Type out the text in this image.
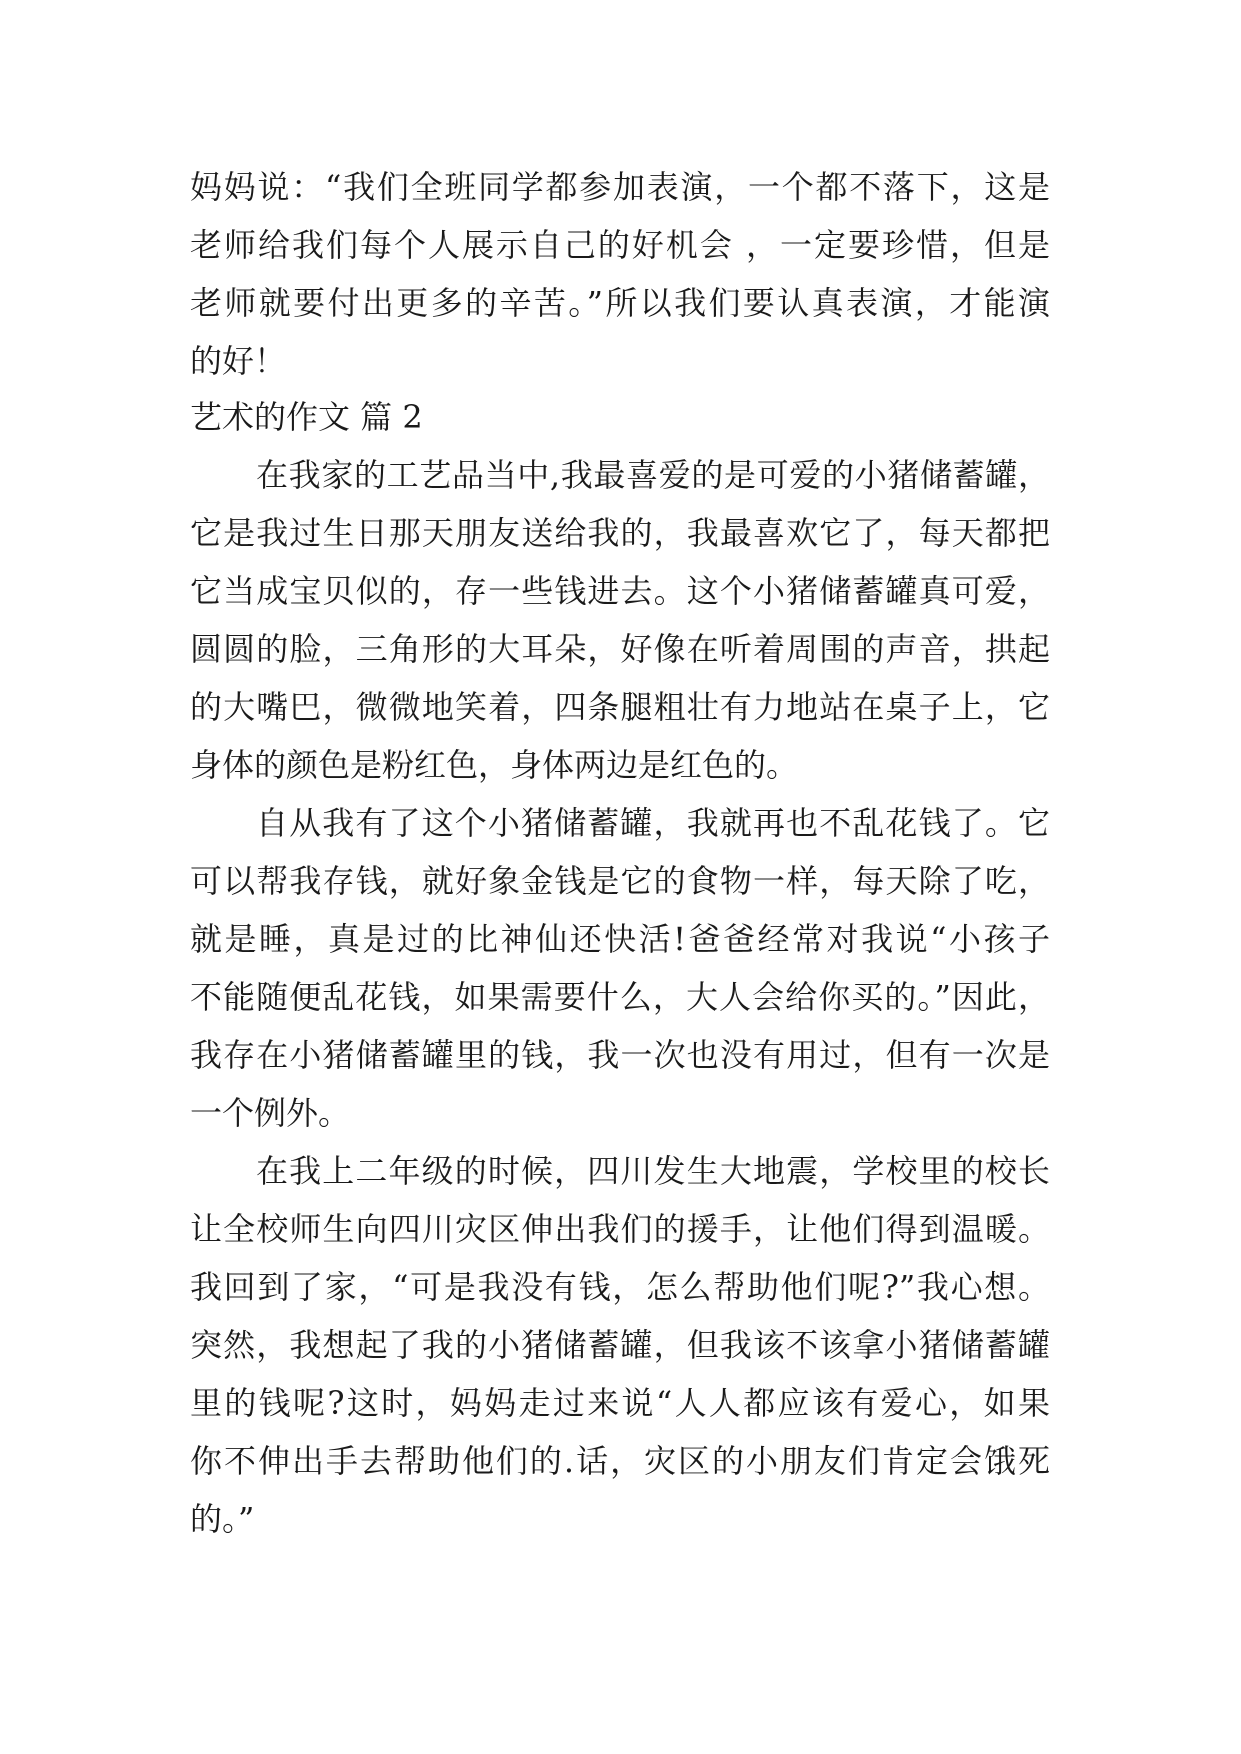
妈妈说：“我们全班同学都参加表演，一个都不落下，这是
老师给我们每个人展示自己的好机会 ，一定要珍惜，但是
老师就要付出更多的辛苦。”所以我们要认真表演，才能演
的好！
艺术的作文 篇 2
在我家的工艺品当中,我最喜爱的是可爱的小猪储蓄罐，
它是我过生日那天朋友送给我的，我最喜欢它了，每天都把
它当成宝贝似的，存一些钱进去。这个小猪储蓄罐真可爱，
圆圆的脸，三角形的大耳朵，好像在听着周围的声音，拱起
的大嘴巴，微微地笑着，四条腿粗壮有力地站在桌子上，它
身体的颜色是粉红色，身体两边是红色的。
自从我有了这个小猪储蓄罐，我就再也不乱花钱了。它
可以帮我存钱，就好象金钱是它的食物一样，每天除了吃，
就是睡，真是过的比神仙还快活!爸爸经常对我说“小孩子
不能随便乱花钱，如果需要什么，大人会给你买的。”因此，
我存在小猪储蓄罐里的钱，我一次也没有用过，但有一次是
一个例外。
在我上二年级的时候，四川发生大地震，学校里的校长
让全校师生向四川灾区伸出我们的援手，让他们得到温暖。
我回到了家，“可是我没有钱，怎么帮助他们呢?”我心想。
突然，我想起了我的小猪储蓄罐，但我该不该拿小猪储蓄罐
里的钱呢?这时，妈妈走过来说“人人都应该有爱心，如果
你不伸出手去帮助他们的.话，灾区的小朋友们肯定会饿死
的。”
